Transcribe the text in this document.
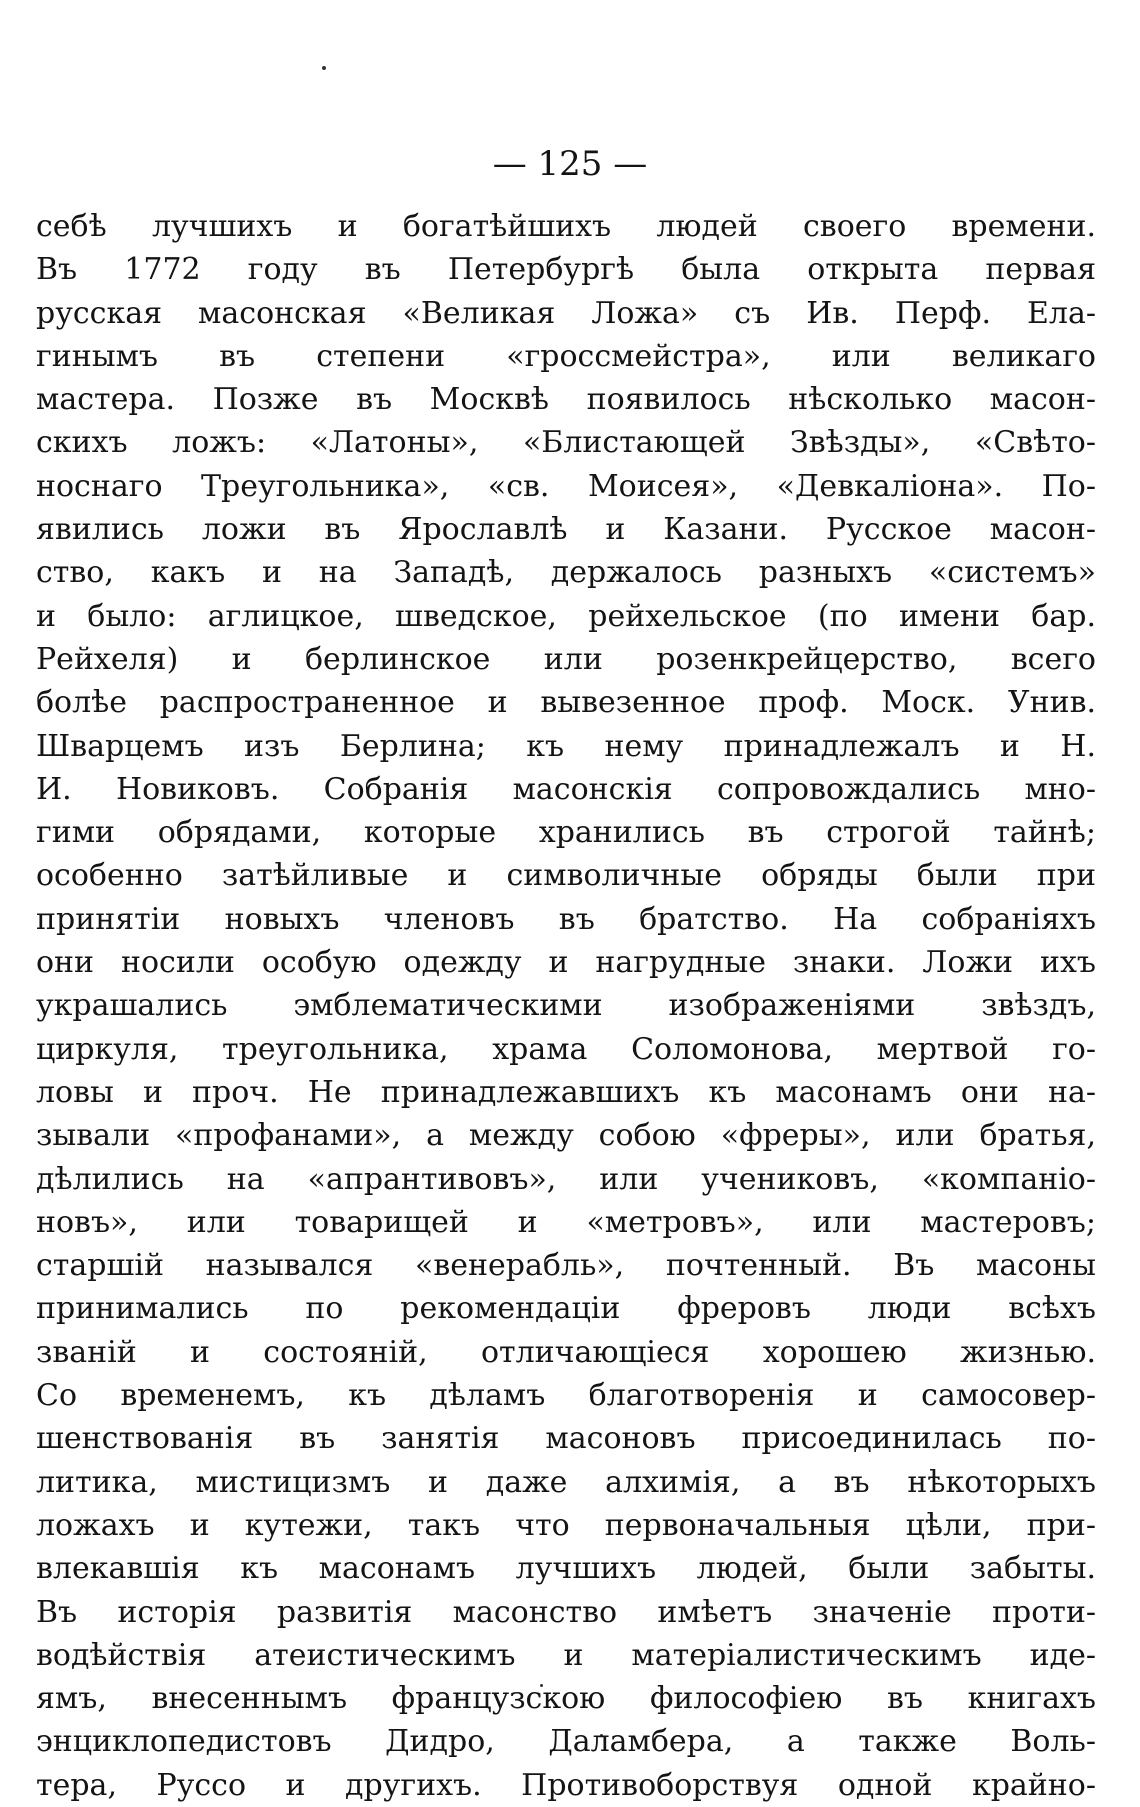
— 125 —
себѣ лучшихъ и богатѣйшихъ людей своего времени.
Въ 1772 году въ Петербургѣ была открыта первая
русская масонская «Великая Ложа» съ Ив. Перф. Ела-
гинымъ въ степени «гроссмейстра», или великаго
мастера. Позже въ Москвѣ появилось нѣсколько масон-
скихъ ложъ: «Латоны», «Блистающей Звѣзды», «Свѣто-
носнаго Треугольника», «св. Моисея», «Девкаліона». По-
явились ложи въ Ярославлѣ и Казани. Русское масон-
ство, какъ и на Западѣ, держалось разныхъ «системъ»
и было: аглицкое, шведское, рейхельское (по имени бар.
Рейхеля) и берлинское или розенкрейцерство, всего
болѣе распространенное и вывезенное проф. Моск. Унив.
Шварцемъ изъ Берлина; къ нему принадлежалъ и Н.
И. Новиковъ. Собранія масонскія сопровождались мно-
гими обрядами, которые хранились въ строгой тайнѣ;
особенно затѣйливые и символичные обряды были при
принятіи новыхъ членовъ въ братство. На собраніяхъ
они носили особую одежду и нагрудные знаки. Ложи ихъ
украшались эмблематическими изображеніями звѣздъ,
циркуля, треугольника, храма Соломонова, мертвой го-
ловы и проч. Не принадлежавшихъ къ масонамъ они на-
зывали «профанами», а между собою «фреры», или братья,
дѣлились на «апрантивовъ», или учениковъ, «компаніо-
новъ», или товарищей и «метровъ», или мастеровъ;
старшій назывался «венерабль», почтенный. Въ масоны
принимались по рекомендаціи фреровъ люди всѣхъ
званій и состояній, отличающіеся хорошею жизнью.
Со временемъ, къ дѣламъ благотворенія и самосовер-
шенствованія въ занятія масоновъ присоединилась по-
литика, мистицизмъ и даже алхимія, а въ нѣкоторыхъ
ложахъ и кутежи, такъ что первоначальныя цѣли, при-
влекавшія къ масонамъ лучшихъ людей, были забыты.
Въ исторія развитія масонство имѣетъ значеніе проти-
водѣйствія атеистическимъ и матеріалистическимъ иде-
ямъ, внесеннымъ французскою философіею въ книгахъ
энциклопедистовъ Дидро, Даламбера, а также Воль-
тера, Руссо и другихъ. Противоборствуя одной крайно-
